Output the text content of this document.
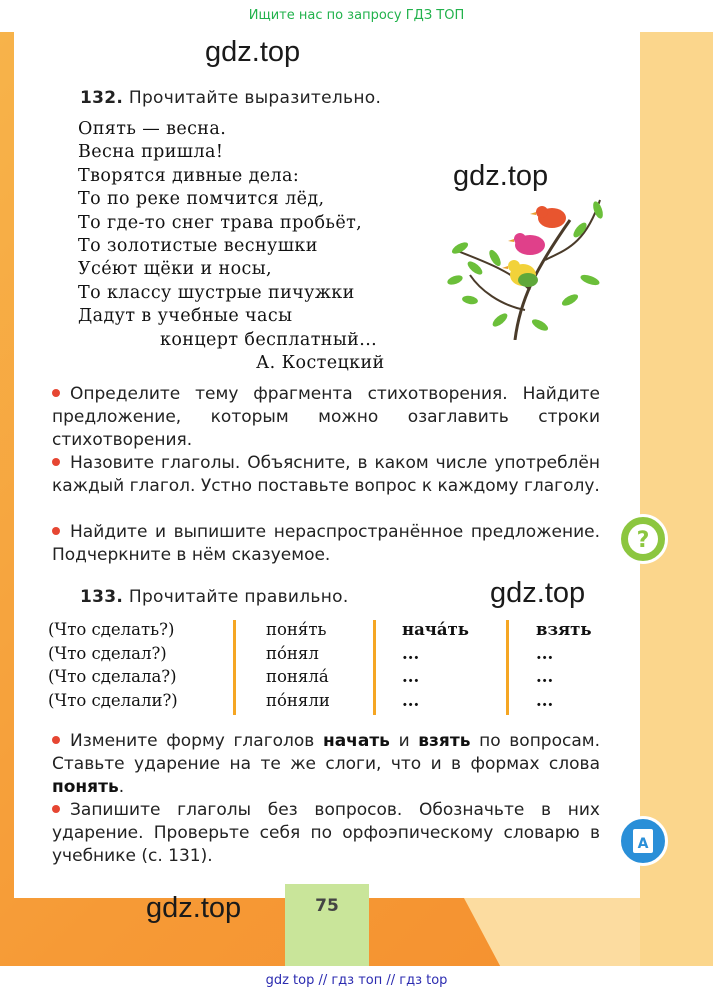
Ищите нас по запросу ГДЗ ТОП
gdz.top
gdz.top
gdz.top
gdz.top
132. Прочитайте выразительно.
Опять — весна.
Весна пришла!
Творятся дивные дела:
То по реке помчится лёд,
То где-то снег трава пробьёт,
То золотистые веснушки
Усéют щёки и носы,
То классу шустрые пичужки
Дадут в учебные часы
концерт бесплатный...
А. Костецкий
Определите тему фрагмента стихотворения. Найдите предложение, которым можно озаглавить строки стихотворения.
Назовите глаголы. Объясните, в каком числе употреблён каждый глагол. Устно поставьте вопрос к каждому глаголу.
Найдите и выпишите нераспространённое предложение. Подчеркните в нём сказуемое.
?
133. Прочитайте правильно.
(Что сделать?)
(Что сделал?)
(Что сделала?)
(Что сделали?)
поня́ть
по́нял
поняла́
по́няли
нача́ть
...
...
...
взять
...
...
...
Измените форму глаголов начать и взять по вопросам. Ставьте ударение на те же слоги, что и в формах слова понять.
Запишите глаголы без вопросов. Обозначьте в них ударение. Проверьте себя по орфоэпическому словарю в учебнике (с. 131).
A
75
gdz top // гдз топ // гдз top
